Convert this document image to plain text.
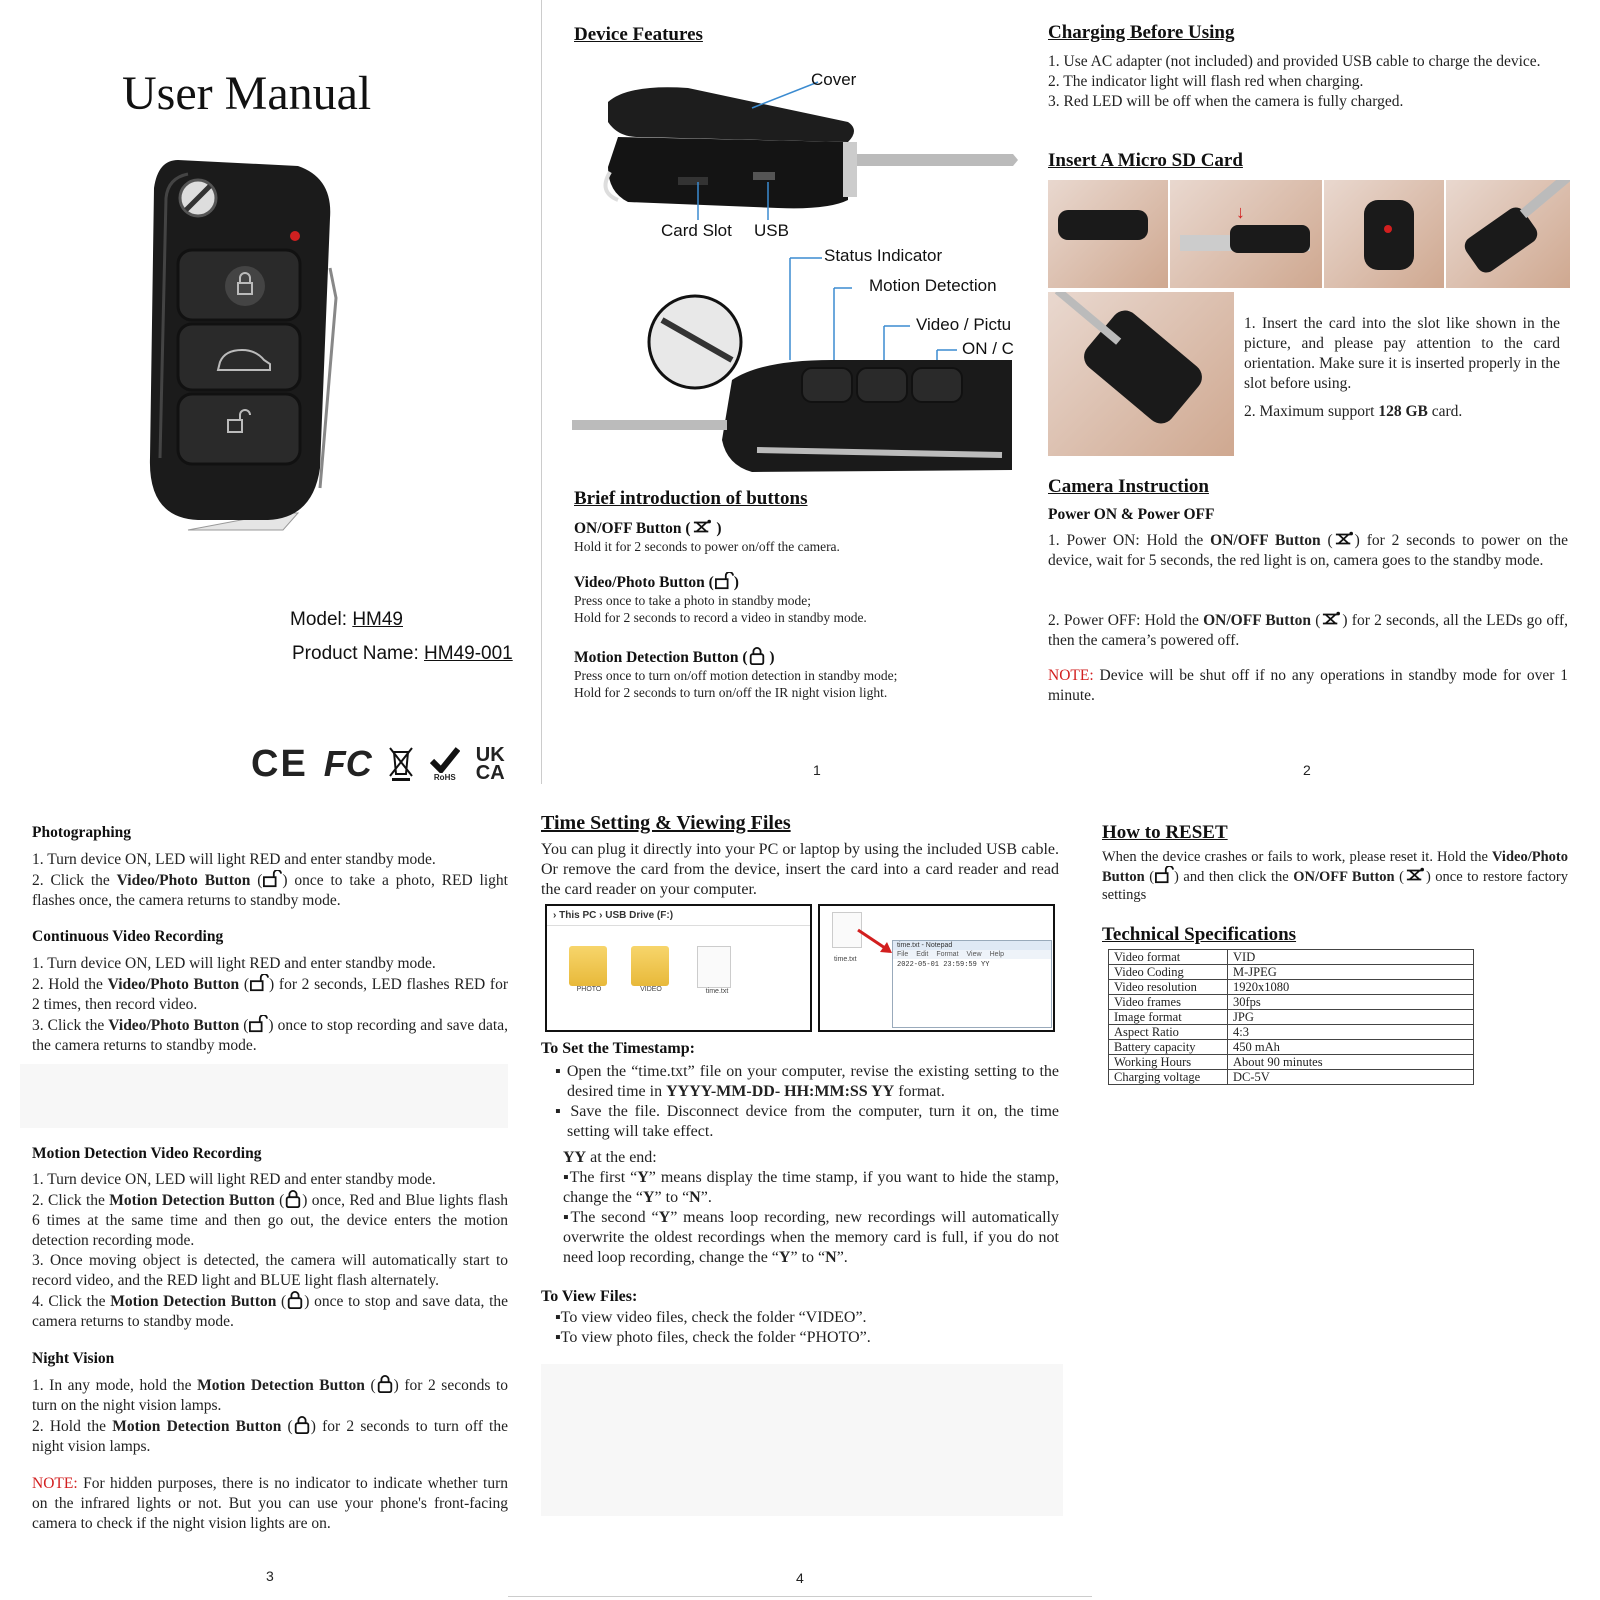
User Manual
Model: HM49
Product Name: HM49-001
CE FC	RoHS
UK
CA
Device Features
Cover
Card Slot USB
Status Indicator
Motion Detection
Video / Pictu
ON / C
Brief introduction of buttons
ON/OFF Button ( )
Hold it for 2 seconds to power on/off the camera.
Video/Photo Button ( )
Press once to take a photo in standby mode;
Hold for 2 seconds to record a video in standby mode.
Motion Detection Button ( )
Press once to turn on/off motion detection in standby mode;
Hold for 2 seconds to turn on/off the IR night vision light.
1
Charging Before Using
1. Use AC adapter (not included) and provided USB cable to charge the device.
2. The indicator light will flash red when charging.
3. Red LED will be off when the camera is fully charged.
Insert A Micro SD Card
↓
1. Insert the card into the slot like shown in the picture, and please pay attention to the card orientation. Make sure it is inserted properly in the slot before using.
2. Maximum support 128 GB card.
Camera Instruction
Power ON & Power OFF
1. Power ON: Hold the ON/OFF Button ( ) for 2 seconds to power on the device, wait for 5 seconds, the red light is on, camera goes to the standby mode.
2. Power OFF: Hold the ON/OFF Button ( ) for 2 seconds, all the LEDs go off, then the camera’s powered off.
NOTE: Device will be shut off if no any operations in standby mode for over 1 minute.
2
Photographing
1. Turn device ON, LED will light RED and enter standby mode.
2. Click the Video/Photo Button ( ) once to take a photo, RED light flashes once, the camera returns to standby mode.
Continuous Video Recording
1. Turn device ON, LED will light RED and enter standby mode.
2. Hold the Video/Photo Button ( ) for 2 seconds, LED flashes RED for 2 times, then record video.
3. Click the Video/Photo Button ( ) once to stop recording and save data, the camera returns to standby mode.
Motion Detection Video Recording
1. Turn device ON, LED will light RED and enter standby mode.
2. Click the Motion Detection Button ( ) once, Red and Blue lights flash 6 times at the same time and then go out, the device enters the motion detection recording mode.
3. Once moving object is detected, the camera will automatically start to record video, and the RED light and BLUE light flash alternately.
4. Click the Motion Detection Button ( ) once to stop and save data, the camera returns to standby mode.
Night Vision
1. In any mode, hold the Motion Detection Button ( ) for 2 seconds to turn on the night vision lamps.
2. Hold the Motion Detection Button ( ) for 2 seconds to turn off the night vision lamps.
NOTE: For hidden purposes, there is no indicator to indicate whether turn on the infrared lights or not. But you can use your phone's front-facing camera to check if the night vision lights are on.
3
Time Setting & Viewing Files
You can plug it directly into your PC or laptop by using the included USB cable. Or remove the card from the device, insert the card into a card reader and read the card reader on your computer.
› This PC › USB Drive (F:)
PHOTO	VIDEO	time.txt
time.txt
time.txt - Notepad
File Edit Format View Help
2022-05-01 23:59:59 YY
To Set the Timestamp:
▪ Open the “time.txt” file on your computer, revise the existing setting to the desired time in YYYY-MM-DD- HH:MM:SS YY format.
▪ Save the file. Disconnect device from the computer, turn it on, the time setting will take effect.
YY at the end:
▪The first “Y” means display the time stamp, if you want to hide the stamp, change the “Y” to “N”.
▪The second “Y” means loop recording, new recordings will automatically overwrite the oldest recordings when the memory card is full, if you do not need loop recording, change the “Y” to “N”.
To View Files:
▪To view video files, check the folder “VIDEO”.
▪To view photo files, check the folder “PHOTO”.
4
How to RESET
When the device crashes or fails to work, please reset it. Hold the Video/Photo Button ( ) and then click the ON/OFF Button ( ) once to restore factory settings
Technical Specifications
Video format	VID
Video Coding	M-JPEG
Video resolution	1920x1080
Video frames	30fps
Image format	JPG
Aspect Ratio	4:3
Battery capacity	450 mAh
Working Hours	About 90 minutes
Charging voltage	DC-5V
